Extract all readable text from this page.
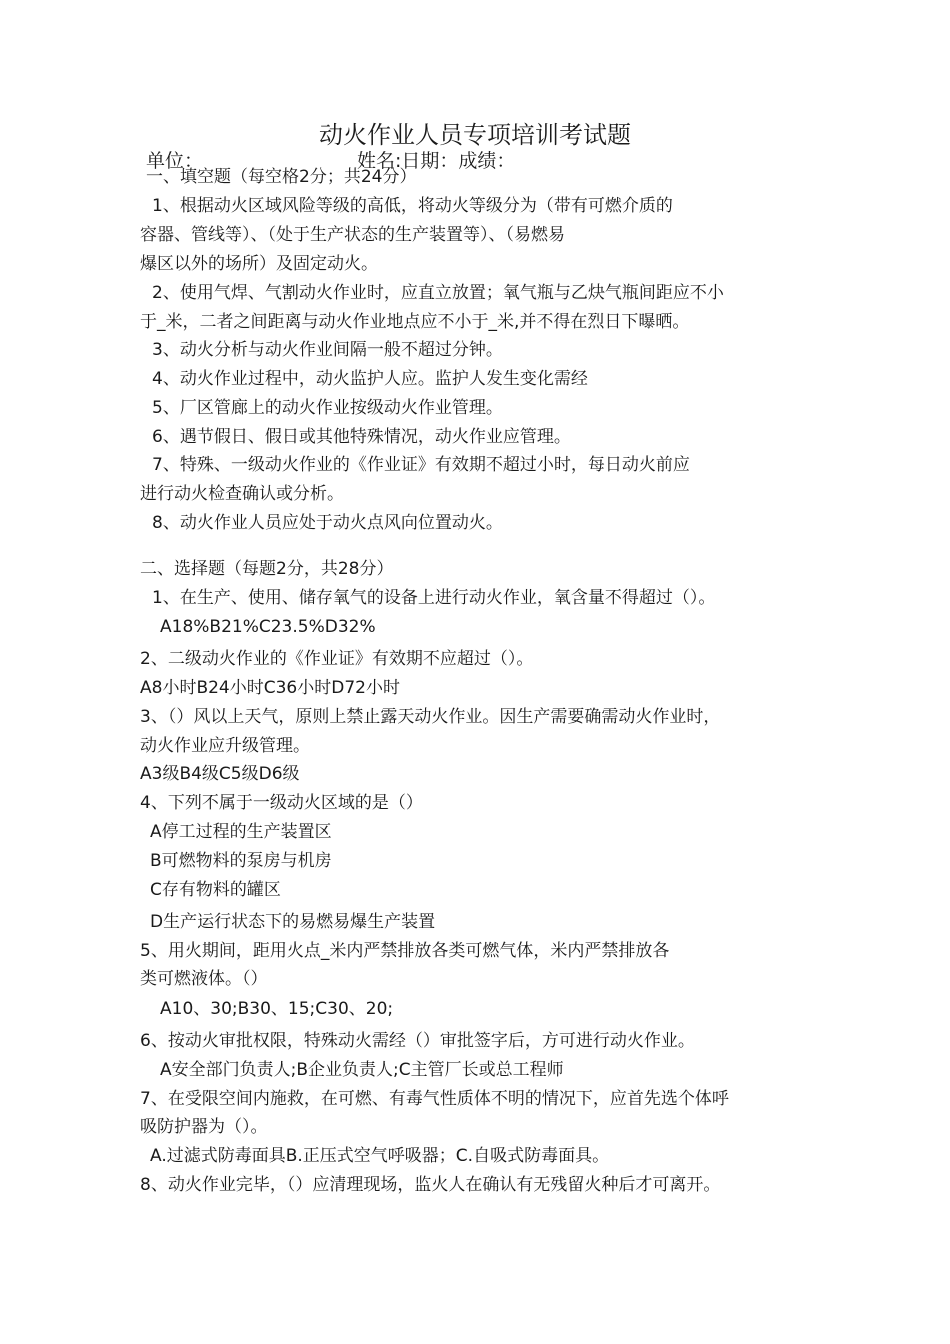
动火作业人员专项培训考试题
单位：	姓名:日期：成绩：
一、填空题（每空格2分；共24分）
1、根据动火区域风险等级的高低，将动火等级分为（带有可燃介质的
容器、管线等）、（处于生产状态的生产装置等）、（易燃易
爆区以外的场所）及固定动火。
2、使用气焊、气割动火作业时，应直立放置；氧气瓶与乙炔气瓶间距应不小
于_米，二者之间距离与动火作业地点应不小于_米,并不得在烈日下曝晒。
3、动火分析与动火作业间隔一般不超过分钟。
4、动火作业过程中，动火监护人应。监护人发生变化需经
5、厂区管廊上的动火作业按级动火作业管理。
6、遇节假日、假日或其他特殊情况，动火作业应管理。
7、特殊、一级动火作业的《作业证》有效期不超过小时，每日动火前应
进行动火检查确认或分析。
8、动火作业人员应处于动火点风向位置动火。
二、选择题（每题2分，共28分）
1、在生产、使用、储存氧气的设备上进行动火作业，氧含量不得超过（）。
A18%B21%C23.5%D32%
2、二级动火作业的《作业证》有效期不应超过（）。
A8小时B24小时C36小时D72小时
3、（）风以上天气，原则上禁止露天动火作业。因生产需要确需动火作业时，
动火作业应升级管理。
A3级B4级C5级D6级
4、下列不属于一级动火区域的是（）
A停工过程的生产装置区
B可燃物料的泵房与机房
C存有物料的罐区
D生产运行状态下的易燃易爆生产装置
5、用火期间，距用火点_米内严禁排放各类可燃气体，米内严禁排放各
类可燃液体。（）
A10、30;B30、15;C30、20;
6、按动火审批权限，特殊动火需经（）审批签字后，方可进行动火作业。
A安全部门负责人;B企业负责人;C主管厂长或总工程师
7、在受限空间内施救，在可燃、有毒气性质体不明的情况下，应首先选个体呼
吸防护器为（）。
A.过滤式防毒面具B.正压式空气呼吸器；C.自吸式防毒面具。
8、动火作业完毕，（）应清理现场，监火人在确认有无残留火种后才可离开。
